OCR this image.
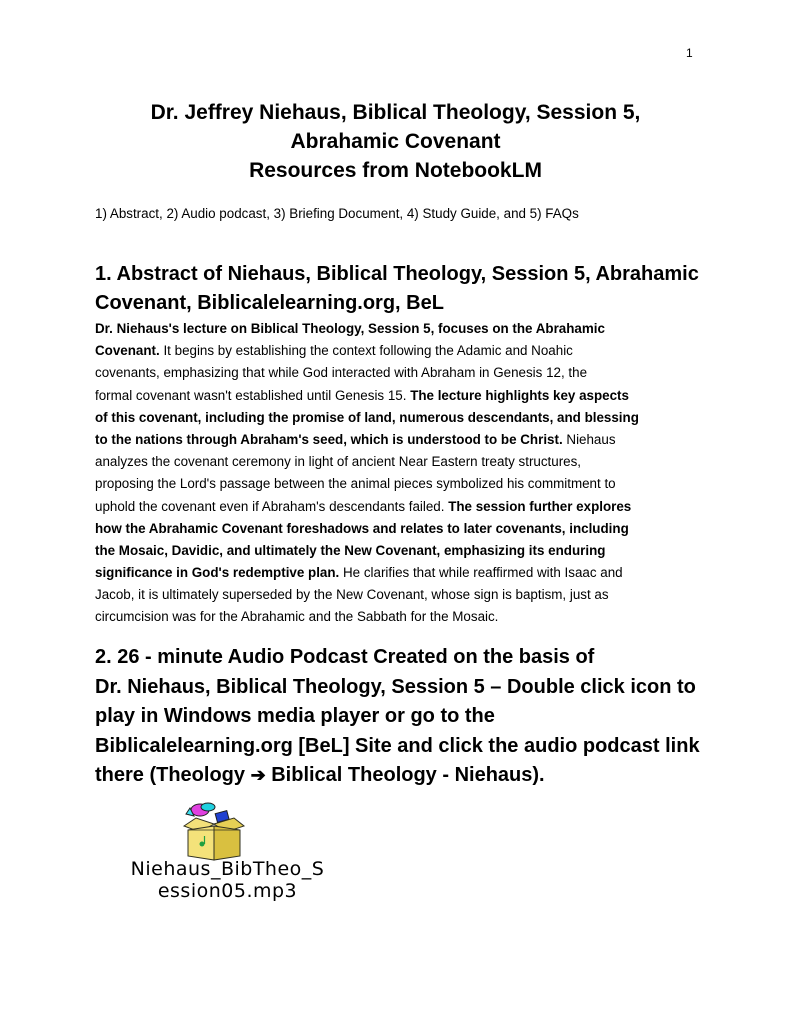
1
Dr. Jeffrey Niehaus, Biblical Theology, Session 5,
Abrahamic Covenant
Resources from NotebookLM
1) Abstract, 2) Audio podcast, 3) Briefing Document, 4) Study Guide, and 5) FAQs
1. Abstract of Niehaus, Biblical Theology, Session 5, Abrahamic
Covenant, Biblicalelearning.org, BeL
Dr. Niehaus's lecture on Biblical Theology, Session 5, focuses on the Abrahamic
Covenant. It begins by establishing the context following the Adamic and Noahic
covenants, emphasizing that while God interacted with Abraham in Genesis 12, the
formal covenant wasn't established until Genesis 15. The lecture highlights key aspects
of this covenant, including the promise of land, numerous descendants, and blessing
to the nations through Abraham's seed, which is understood to be Christ. Niehaus
analyzes the covenant ceremony in light of ancient Near Eastern treaty structures,
proposing the Lord's passage between the animal pieces symbolized his commitment to
uphold the covenant even if Abraham's descendants failed. The session further explores
how the Abrahamic Covenant foreshadows and relates to later covenants, including
the Mosaic, Davidic, and ultimately the New Covenant, emphasizing its enduring
significance in God's redemptive plan. He clarifies that while reaffirmed with Isaac and
Jacob, it is ultimately superseded by the New Covenant, whose sign is baptism, just as
circumcision was for the Abrahamic and the Sabbath for the Mosaic.
2. 26 - minute Audio Podcast Created on the basis of
Dr. Niehaus, Biblical Theology, Session 5 – Double click icon to
play in Windows media player or go to the
Biblicalelearning.org [BeL] Site and click the audio podcast link
there (Theology ➔ Biblical Theology - Niehaus).
Niehaus_BibTheo_S
ession05.mp3
